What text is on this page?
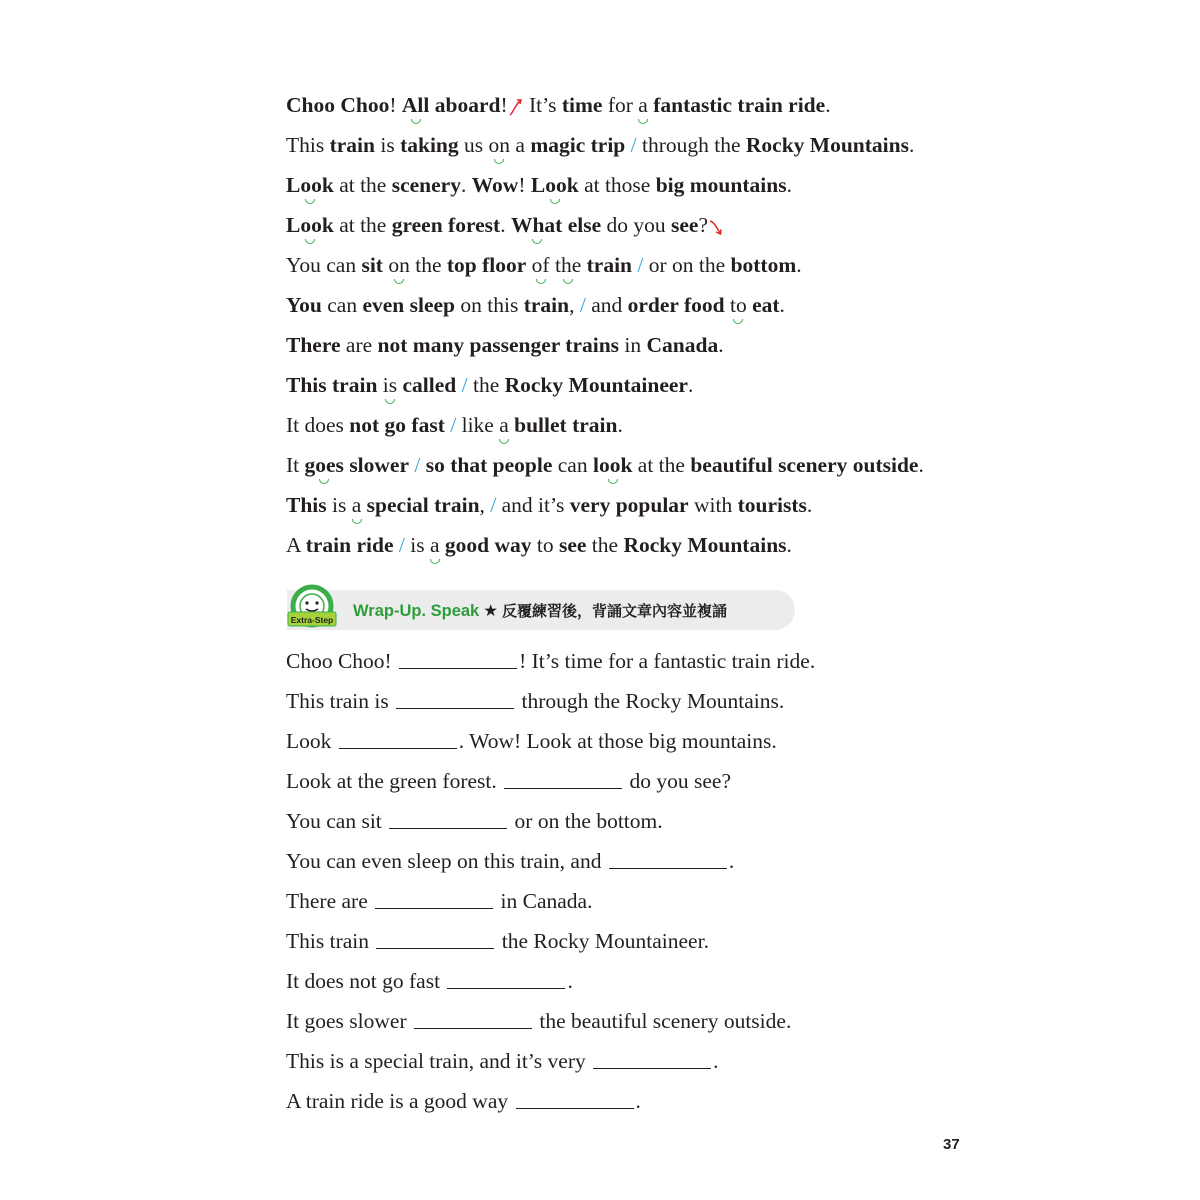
Choo Choo! All aboard! It’s time for a fantastic train ride.
This train is taking us on a magic trip / through the Rocky Mountains.
Look at the scenery. Wow! Look at those big mountains.
Look at the green forest. What else do you see?
You can sit on the top floor of the train / or on the bottom.
You can even sleep on this train, / and order food to eat.
There are not many passenger trains in Canada.
This train is called / the Rocky Mountaineer.
It does not go fast / like a bullet train.
It goes slower / so that people can look at the beautiful scenery outside.
This is a special train, / and it’s very popular with tourists.
A train ride / is a good way to see the Rocky Mountains.
Extra-Step Wrap-Up. Speak ★ 反覆練習後，背誦文章內容並複誦
Choo Choo!	! It’s time for a fantastic train ride.
This train is	through the Rocky Mountains.
Look	. Wow! Look at those big mountains.
Look at the green forest.	do you see?
You can sit	or on the bottom.
You can even sleep on this train, and	.
There are	in Canada.
This train	the Rocky Mountaineer.
It does not go fast	.
It goes slower	the beautiful scenery outside.
This is a special train, and it’s very	.
A train ride is a good way	.
37
